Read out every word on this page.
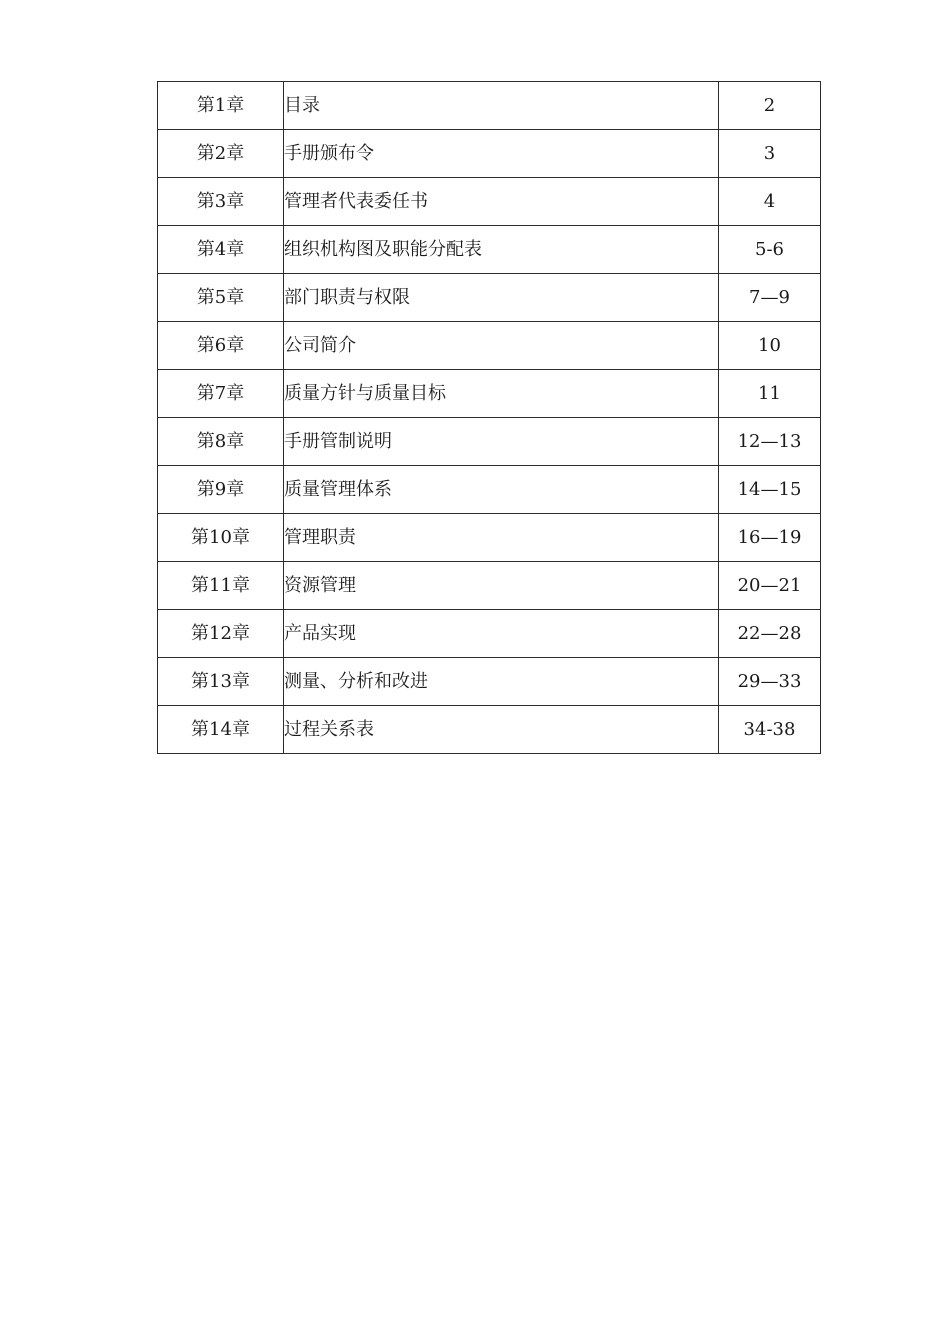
第1章	目录	2
第2章	手册颁布令	3
第3章	管理者代表委任书	4
第4章	组织机构图及职能分配表	5-6
第5章	部门职责与权限	7—9
第6章	公司简介	10
第7章	质量方针与质量目标	11
第8章	手册管制说明	12—13
第9章	质量管理体系	14—15
第10章	管理职责	16—19
第11章	资源管理	20—21
第12章	产品实现	22—28
第13章	测量、分析和改进	29—33
第14章	过程关系表	34-38
